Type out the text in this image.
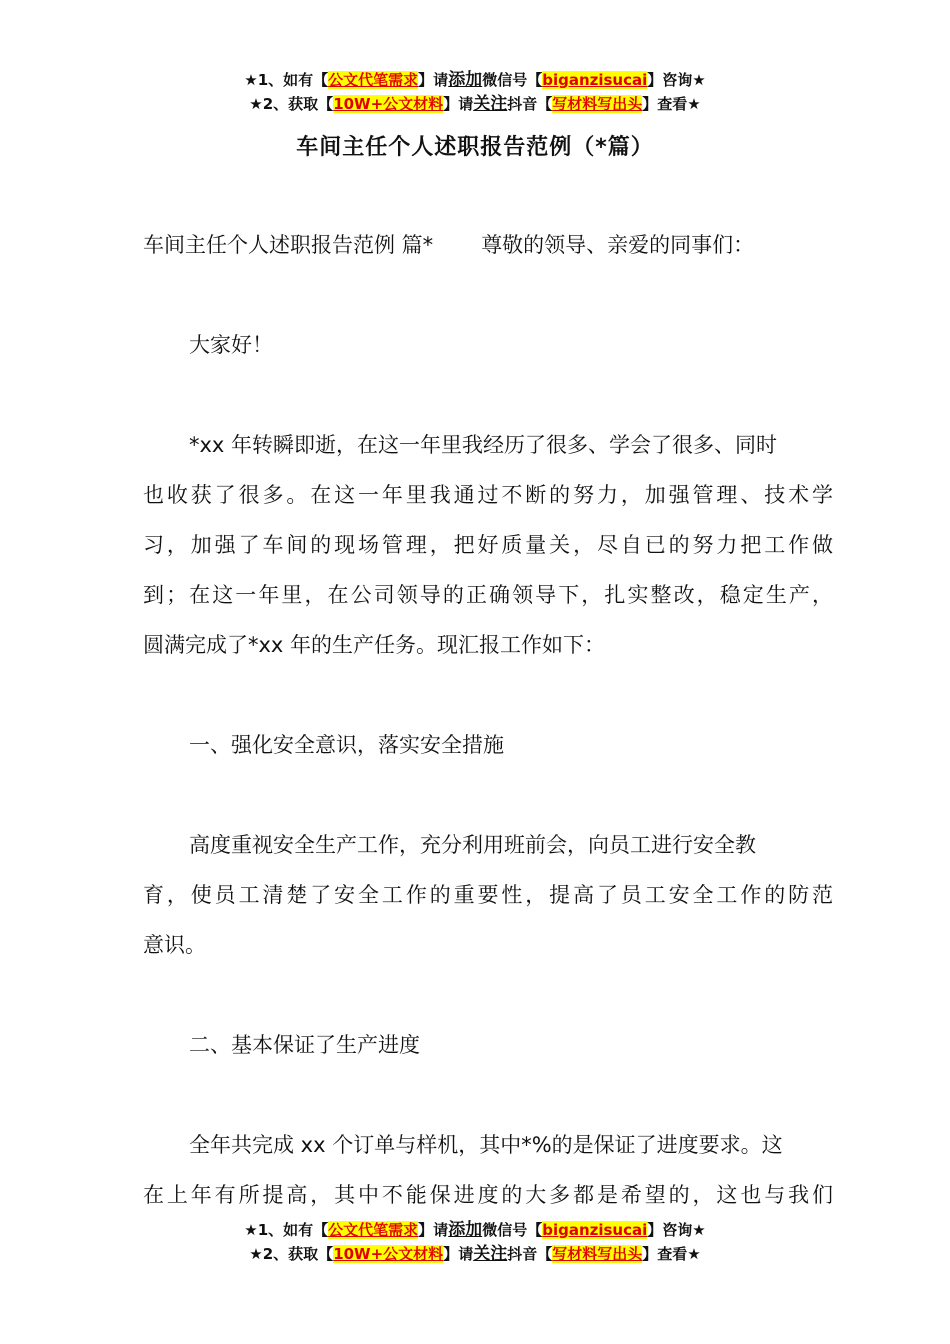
★1、如有【公文代笔需求】请添加微信号【biganzisucai】咨询★
★2、获取【10W+公文材料】请关注抖音【写材料写出头】查看★
车间主任个人述职报告范例（*篇）
车间主任个人述职报告范例 篇* 尊敬的领导、亲爱的同事们：
大家好！
*xx 年转瞬即逝，在这一年里我经历了很多、学会了很多、同时
也收获了很多。在这一年里我通过不断的努力，加强管理、技术学
习，加强了车间的现场管理，把好质量关，尽自已的努力把工作做
到；在这一年里，在公司领导的正确领导下，扎实整改，稳定生产，
圆满完成了*xx 年的生产任务。现汇报工作如下：
一、强化安全意识，落实安全措施
高度重视安全生产工作，充分利用班前会，向员工进行安全教
育，使员工清楚了安全工作的重要性，提高了员工安全工作的防范
意识。
二、基本保证了生产进度
全年共完成 xx 个订单与样机，其中*%的是保证了进度要求。这
在上年有所提高，其中不能保进度的大多都是希望的，这也与我们
★1、如有【公文代笔需求】请添加微信号【biganzisucai】咨询★
★2、获取【10W+公文材料】请关注抖音【写材料写出头】查看★
